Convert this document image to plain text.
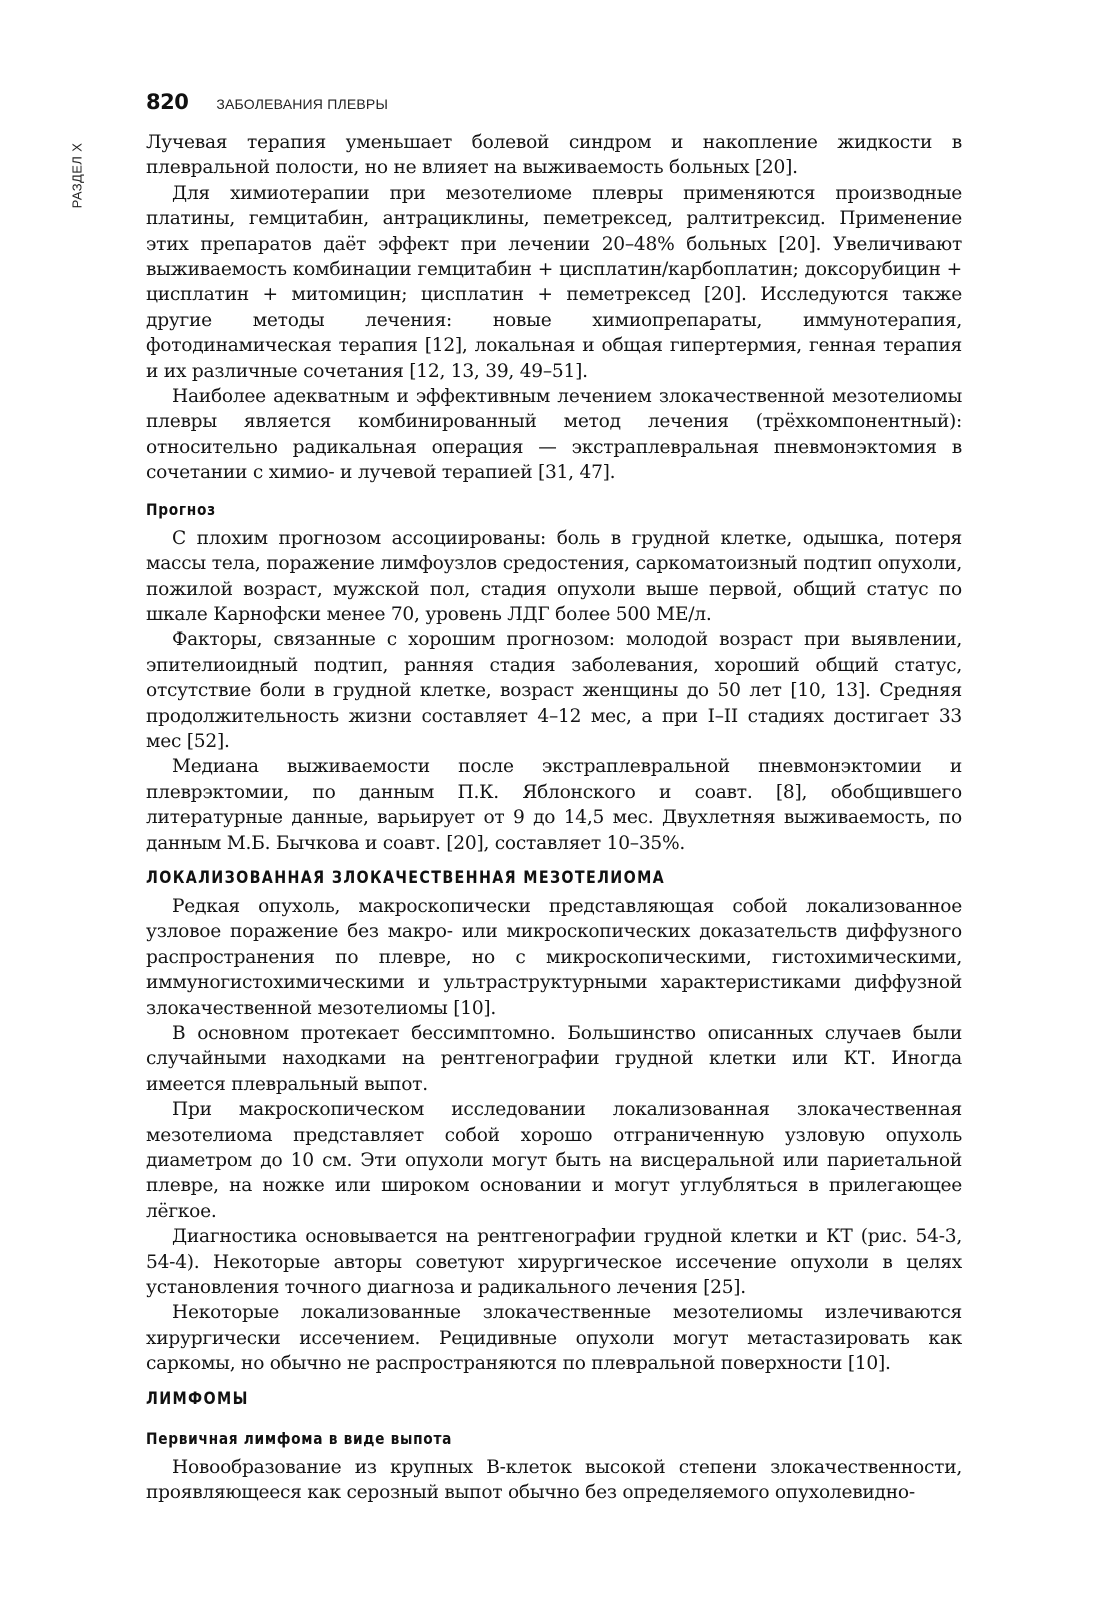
820 ЗАБОЛЕВАНИЯ ПЛЕВРЫ
РАЗДЕЛ X

Лучевая терапия уменьшает болевой синдром и накопление жидкости в плевральной полости, но не влияет на выживаемость больных [20].

Для химиотерапии при мезотелиоме плевры применяются производные платины, гемцитабин, антрациклины, пеметрексед, ралтитрексид. Применение этих препаратов даёт эффект при лечении 20–48% больных [20]. Увеличивают выживаемость комбинации гемцитабин + цисплатин/карбоплатин; доксорубицин + цисплатин + митомицин; цисплатин + пеметрексед [20]. Исследуются также другие методы лечения: новые химиопрепараты, иммунотерапия, фотодинамическая терапия [12], локальная и общая гипертермия, генная терапия и их различные сочетания [12, 13, 39, 49–51].

Наиболее адекватным и эффективным лечением злокачественной мезотелиомы плевры является комбинированный метод лечения (трёхкомпонентный): относительно радикальная операция — экстраплевральная пневмонэктомия в сочетании с химио- и лучевой терапией [31, 47].

Прогноз

С плохим прогнозом ассоциированы: боль в грудной клетке, одышка, потеря массы тела, поражение лимфоузлов средостения, саркоматоизный подтип опухоли, пожилой возраст, мужской пол, стадия опухоли выше первой, общий статус по шкале Карнофски менее 70, уровень ЛДГ более 500 МЕ/л.

Факторы, связанные с хорошим прогнозом: молодой возраст при выявлении, эпителиоидный подтип, ранняя стадия заболевания, хороший общий статус, отсутствие боли в грудной клетке, возраст женщины до 50 лет [10, 13]. Средняя продолжительность жизни составляет 4–12 мес, а при I–II стадиях достигает 33 мес [52].

Медиана выживаемости после экстраплевральной пневмонэктомии и плеврэктомии, по данным П.К. Яблонского и соавт. [8], обобщившего литературные данные, варьирует от 9 до 14,5 мес. Двухлетняя выживаемость, по данным М.Б. Бычкова и соавт. [20], составляет 10–35%.

ЛОКАЛИЗОВАННАЯ ЗЛОКАЧЕСТВЕННАЯ МЕЗОТЕЛИОМА

Редкая опухоль, макроскопически представляющая собой локализованное узловое поражение без макро- или микроскопических доказательств диффузного распространения по плевре, но с микроскопическими, гистохимическими, иммуногистохимическими и ультраструктурными характеристиками диффузной злокачественной мезотелиомы [10].

В основном протекает бессимптомно. Большинство описанных случаев были случайными находками на рентгенографии грудной клетки или КТ. Иногда имеется плевральный выпот.

При макроскопическом исследовании локализованная злокачественная мезотелиома представляет собой хорошо отграниченную узловую опухоль диаметром до 10 см. Эти опухоли могут быть на висцеральной или париетальной плевре, на ножке или широком основании и могут углубляться в прилегающее лёгкое.

Диагностика основывается на рентгенографии грудной клетки и КТ (рис. 54-3, 54-4). Некоторые авторы советуют хирургическое иссечение опухоли в целях установления точного диагноза и радикального лечения [25].

Некоторые локализованные злокачественные мезотелиомы излечиваются хирургически иссечением. Рецидивные опухоли могут метастазировать как саркомы, но обычно не распространяются по плевральной поверхности [10].

ЛИМФОМЫ
Первичная лимфома в виде выпота

Новообразование из крупных В-клеток высокой степени злокачественности, проявляющееся как серозный выпот обычно без определяемого опухолевидно-
